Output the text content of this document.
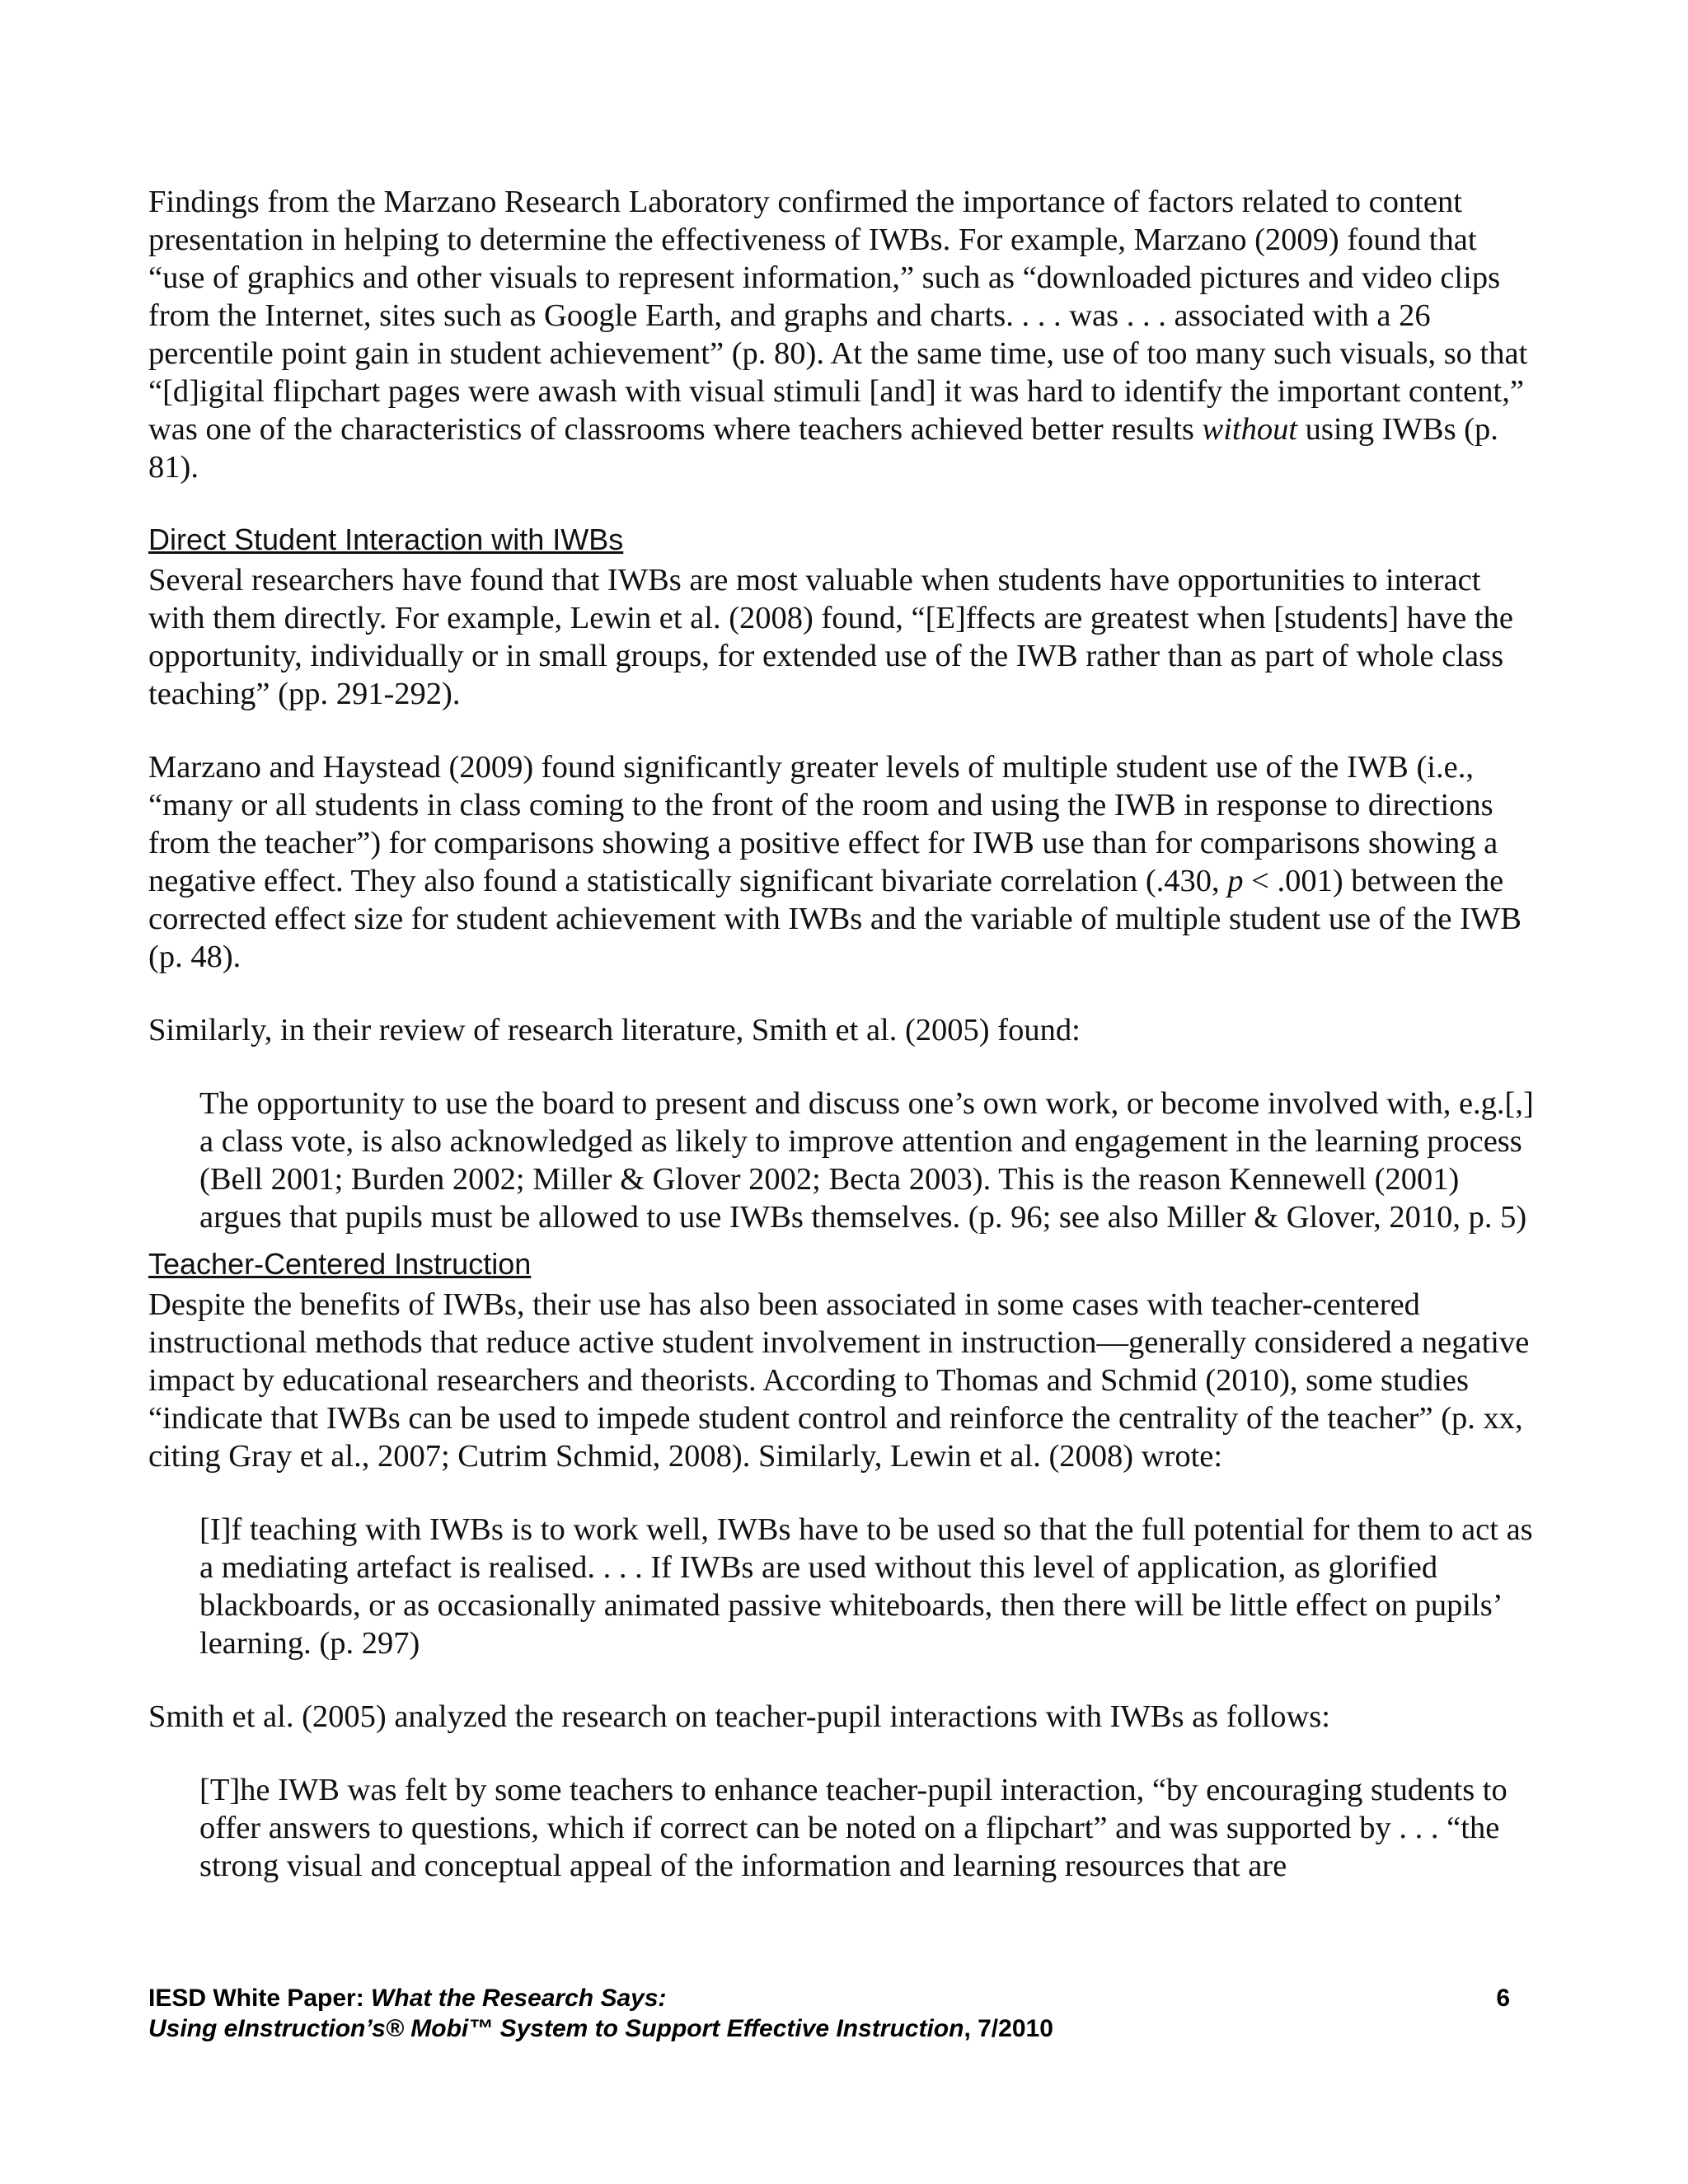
Findings from the Marzano Research Laboratory confirmed the importance of factors related to content presentation in helping to determine the effectiveness of IWBs. For example, Marzano (2009) found that “use of graphics and other visuals to represent information,” such as “downloaded pictures and video clips from the Internet, sites such as Google Earth, and graphs and charts. . . . was . . . associated with a 26 percentile point gain in student achievement” (p. 80). At the same time, use of too many such visuals, so that “[d]igital flipchart pages were awash with visual stimuli [and] it was hard to identify the important content,” was one of the characteristics of classrooms where teachers achieved better results without using IWBs (p. 81).

Direct Student Interaction with IWBs

Several researchers have found that IWBs are most valuable when students have opportunities to interact with them directly. For example, Lewin et al. (2008) found, “[E]ffects are greatest when [students] have the opportunity, individually or in small groups, for extended use of the IWB rather than as part of whole class teaching” (pp. 291-292).

Marzano and Haystead (2009) found significantly greater levels of multiple student use of the IWB (i.e., “many or all students in class coming to the front of the room and using the IWB in response to directions from the teacher”) for comparisons showing a positive effect for IWB use than for comparisons showing a negative effect. They also found a statistically significant bivariate correlation (.430, p < .001) between the corrected effect size for student achievement with IWBs and the variable of multiple student use of the IWB (p. 48).

Similarly, in their review of research literature, Smith et al. (2005) found:

The opportunity to use the board to present and discuss one’s own work, or become involved with, e.g.[,] a class vote, is also acknowledged as likely to improve attention and engagement in the learning process (Bell 2001; Burden 2002; Miller & Glover 2002; Becta 2003). This is the reason Kennewell (2001) argues that pupils must be allowed to use IWBs themselves. (p. 96; see also Miller & Glover, 2010, p. 5)

Teacher-Centered Instruction

Despite the benefits of IWBs, their use has also been associated in some cases with teacher-centered instructional methods that reduce active student involvement in instruction—generally considered a negative impact by educational researchers and theorists. According to Thomas and Schmid (2010), some studies “indicate that IWBs can be used to impede student control and reinforce the centrality of the teacher” (p. xx, citing Gray et al., 2007; Cutrim Schmid, 2008). Similarly, Lewin et al. (2008) wrote:

[I]f teaching with IWBs is to work well, IWBs have to be used so that the full potential for them to act as a mediating artefact is realised. . . . If IWBs are used without this level of application, as glorified blackboards, or as occasionally animated passive whiteboards, then there will be little effect on pupils’ learning. (p. 297)

Smith et al. (2005) analyzed the research on teacher-pupil interactions with IWBs as follows:

[T]he IWB was felt by some teachers to enhance teacher-pupil interaction, “by encouraging students to offer answers to questions, which if correct can be noted on a flipchart” and was supported by . . . “the strong visual and conceptual appeal of the information and learning resources that are

IESD White Paper: What the Research Says:	6
Using eInstruction’s® Mobi™ System to Support Effective Instruction, 7/2010
